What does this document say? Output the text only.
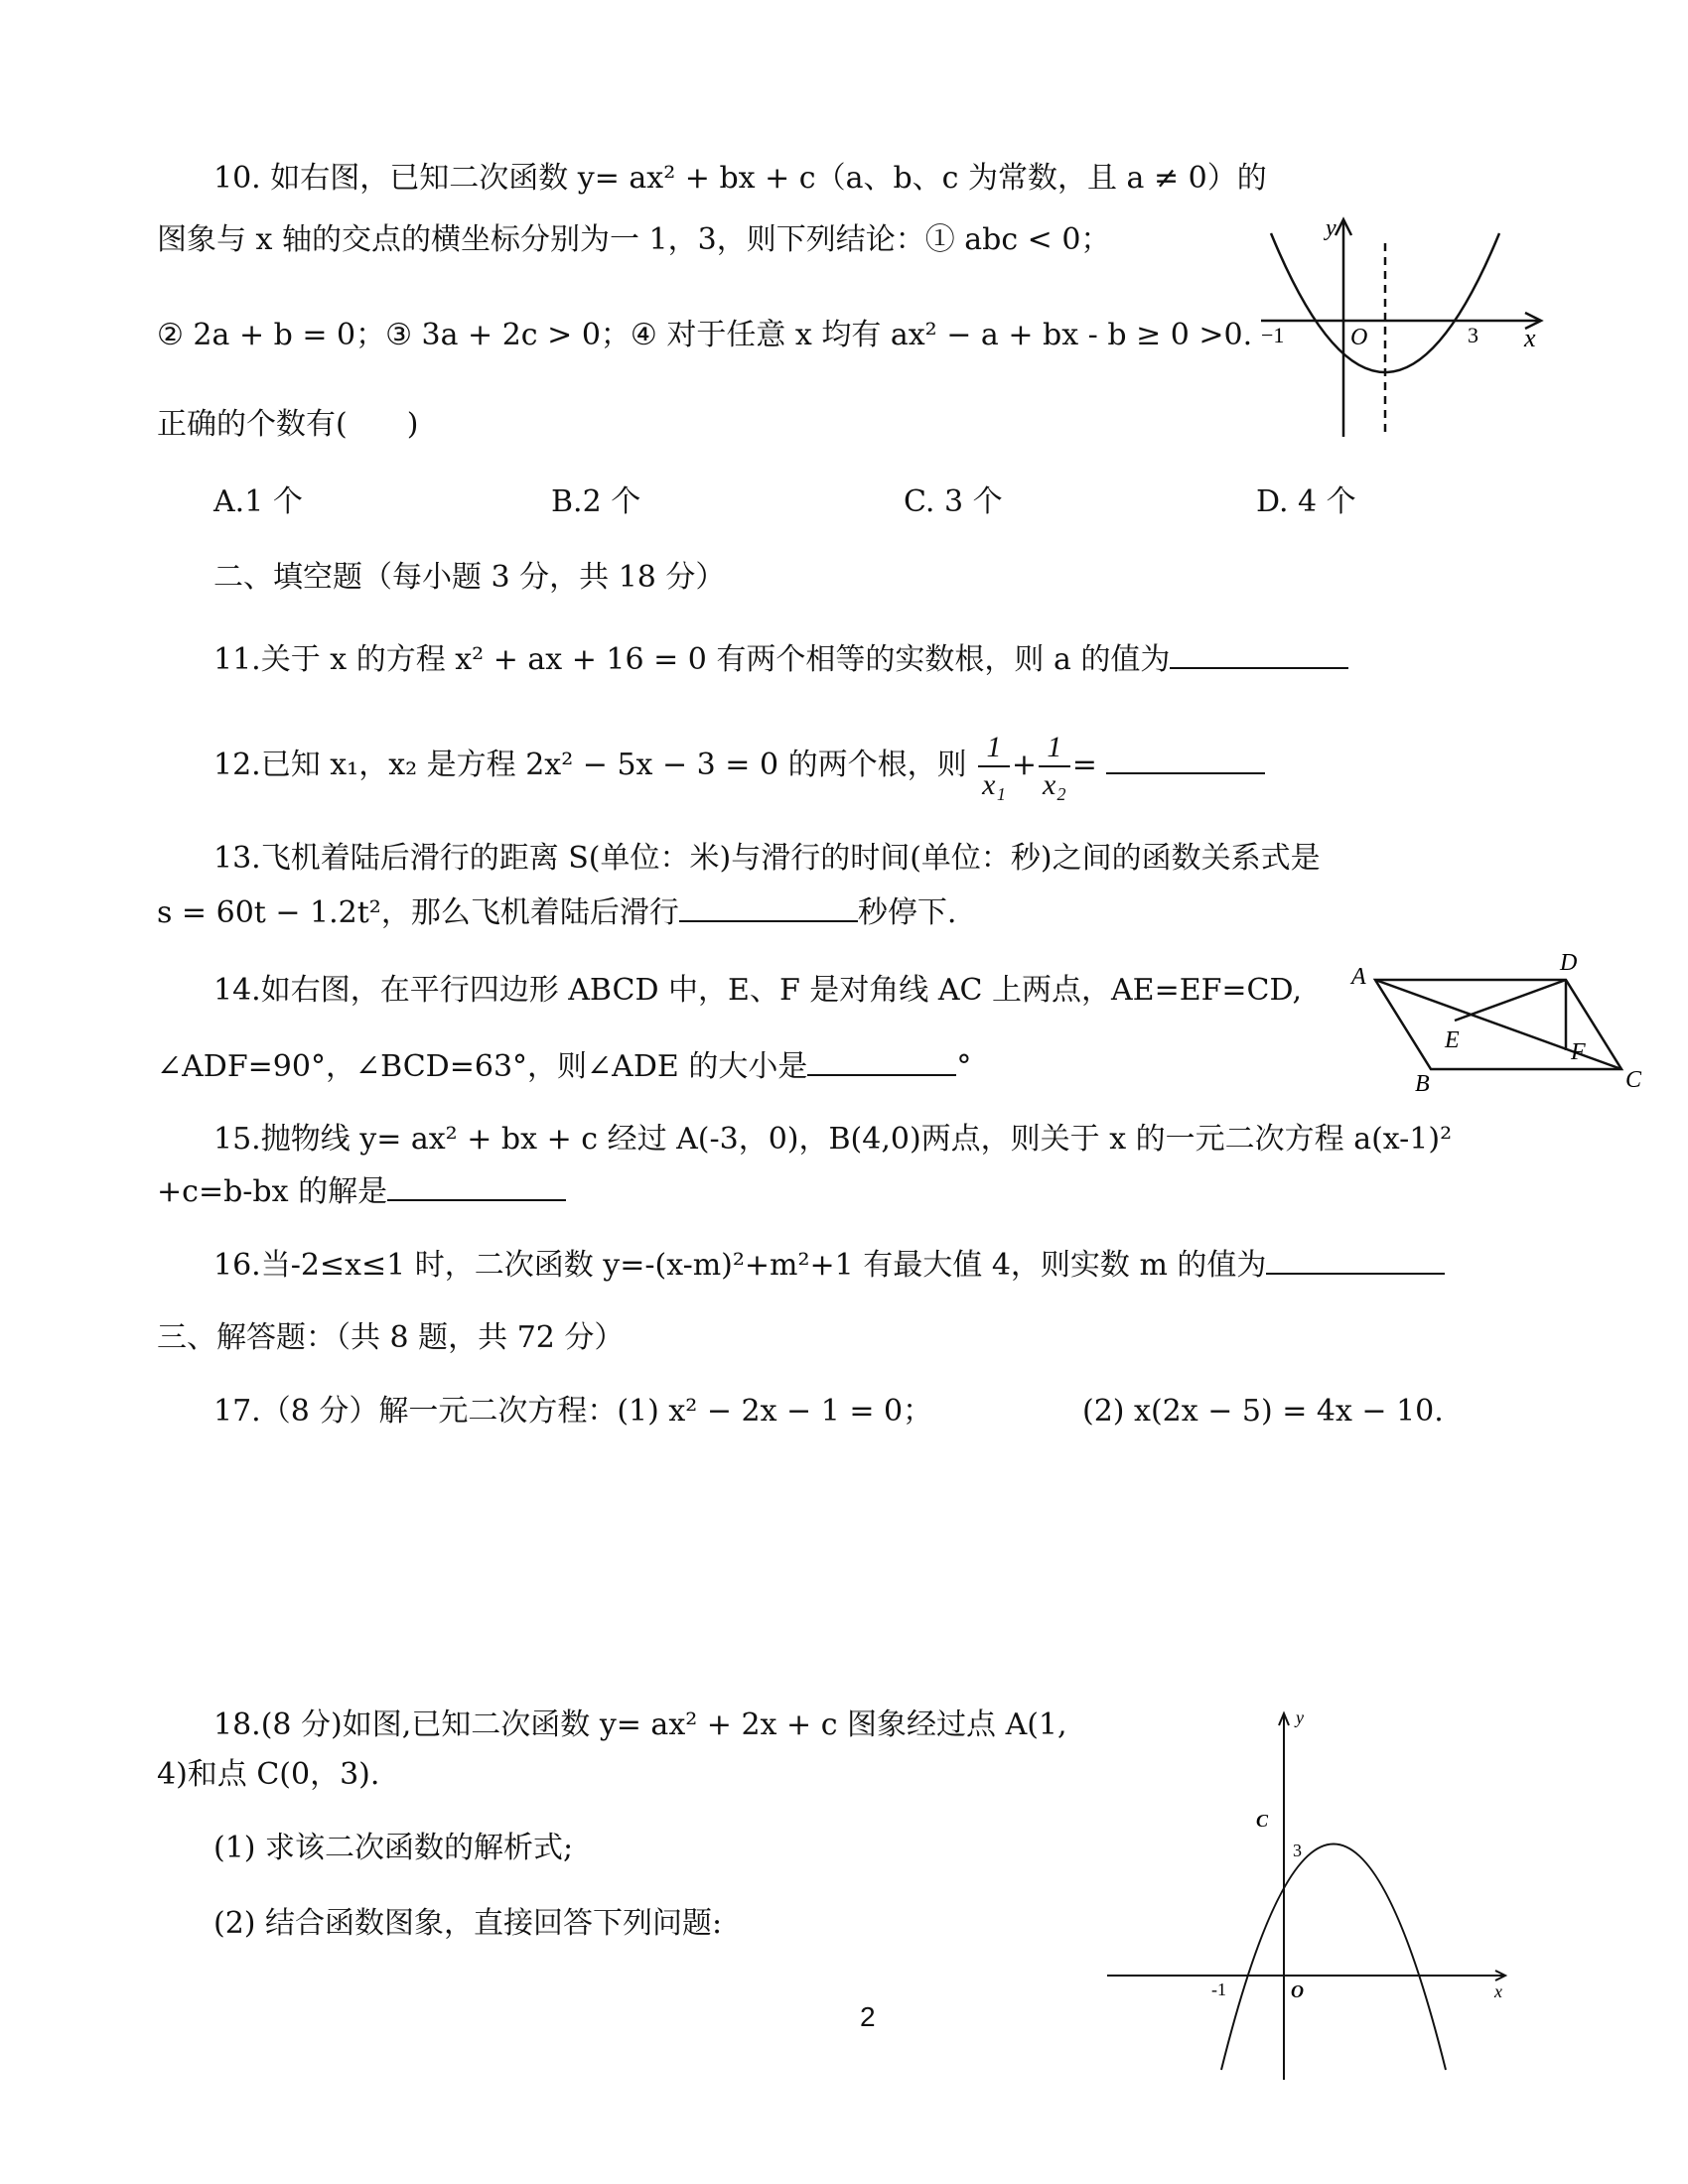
10. 如右图，已知二次函数 y= ax² + bx + c（a、b、c 为常数，且 a ≠ 0）的
图象与 x 轴的交点的横坐标分别为一 1，3，则下列结论：① abc < 0；
② 2a + b = 0；③ 3a + 2c > 0；④ 对于任意 x 均有 ax² − a + bx - b ≥ 0 >0.
正确的个数有(　　)
A.1 个	B.2 个	C. 3 个	D. 4 个
y
x
O
−1	3
二、填空题（每小题 3 分，共 18 分）
11.关于 x 的方程 x² + ax + 16 = 0 有两个相等的实数根，则 a 的值为
12.已知 x₁，x₂ 是方程 2x² − 5x − 3 = 0 的两个根，则 $\frac{1}{\text{x₁}} + \frac{1}{\text{x₂}}$ =
13.飞机着陆后滑行的距离 S(单位：米)与滑行的时间(单位：秒)之间的函数关系式是
s = 60t − 1.2t²，那么飞机着陆后滑行	秒停下.
14.如右图，在平行四边形 ABCD 中，E、F 是对角线 AC 上两点，AE=EF=CD,
∠ADF=90°，∠BCD=63°，则∠ADE 的大小是	°
A
D
C
B
E	F
15.抛物线 y= ax² + bx + c 经过 A(-3，0)，B(4,0)两点，则关于 x 的一元二次方程 a(x-1)²
+c=b-bx 的解是
16.当-2≤x≤1 时，二次函数 y=-(x-m)²+m²+1 有最大值 4，则实数 m 的值为
三、解答题：（共 8 题，共 72 分）
17.（8 分）解一元二次方程：(1) x² − 2x − 1 = 0；	(2) x(2x − 5) = 4x − 10.
18.(8 分)如图,已知二次函数 y= ax² + 2x + c 图象经过点 A(1,
4)和点 C(0，3).
(1) 求该二次函数的解析式;
(2) 结合函数图象，直接回答下列问题:
y
x
O
C
3
-1
2
